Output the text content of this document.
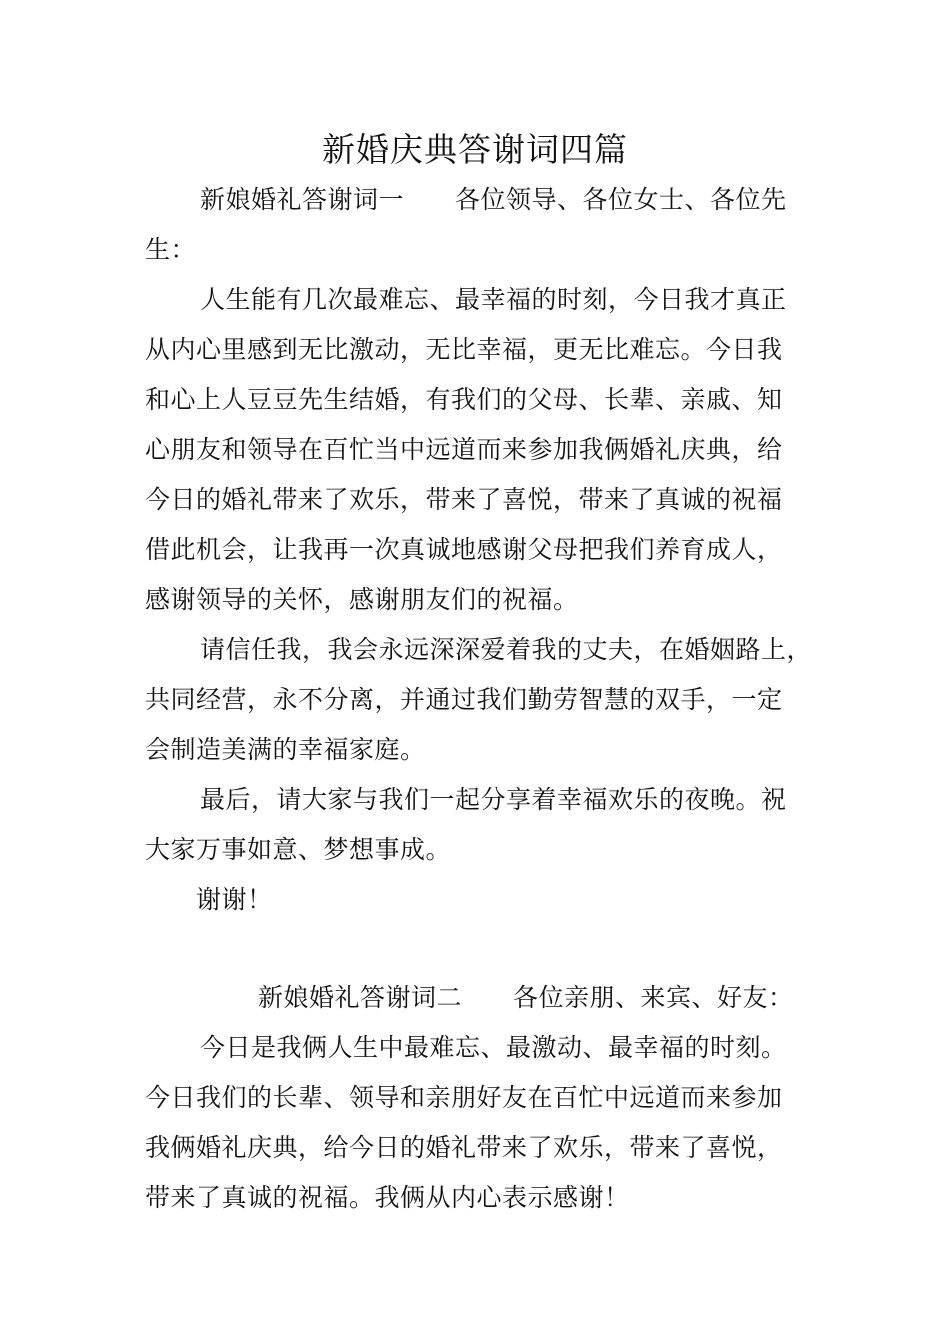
新婚庆典答谢词四篇
新娘婚礼答谢词一　　各位领导、各位女士、各位先
生：
人生能有几次最难忘、最幸福的时刻，今日我才真正
从内心里感到无比激动，无比幸福，更无比难忘。今日我
和心上人豆豆先生结婚，有我们的父母、长辈、亲戚、知
心朋友和领导在百忙当中远道而来参加我俩婚礼庆典，给
今日的婚礼带来了欢乐，带来了喜悦，带来了真诚的祝福
借此机会，让我再一次真诚地感谢父母把我们养育成人，
感谢领导的关怀，感谢朋友们的祝福。
请信任我，我会永远深深爱着我的丈夫，在婚姻路上，
共同经营，永不分离，并通过我们勤劳智慧的双手，一定
会制造美满的幸福家庭。
最后，请大家与我们一起分享着幸福欢乐的夜晚。祝
大家万事如意、梦想事成。
谢谢！
新娘婚礼答谢词二　　各位亲朋、来宾、好友：
今日是我俩人生中最难忘、最激动、最幸福的时刻。
今日我们的长辈、领导和亲朋好友在百忙中远道而来参加
我俩婚礼庆典，给今日的婚礼带来了欢乐，带来了喜悦，
带来了真诚的祝福。我俩从内心表示感谢！
